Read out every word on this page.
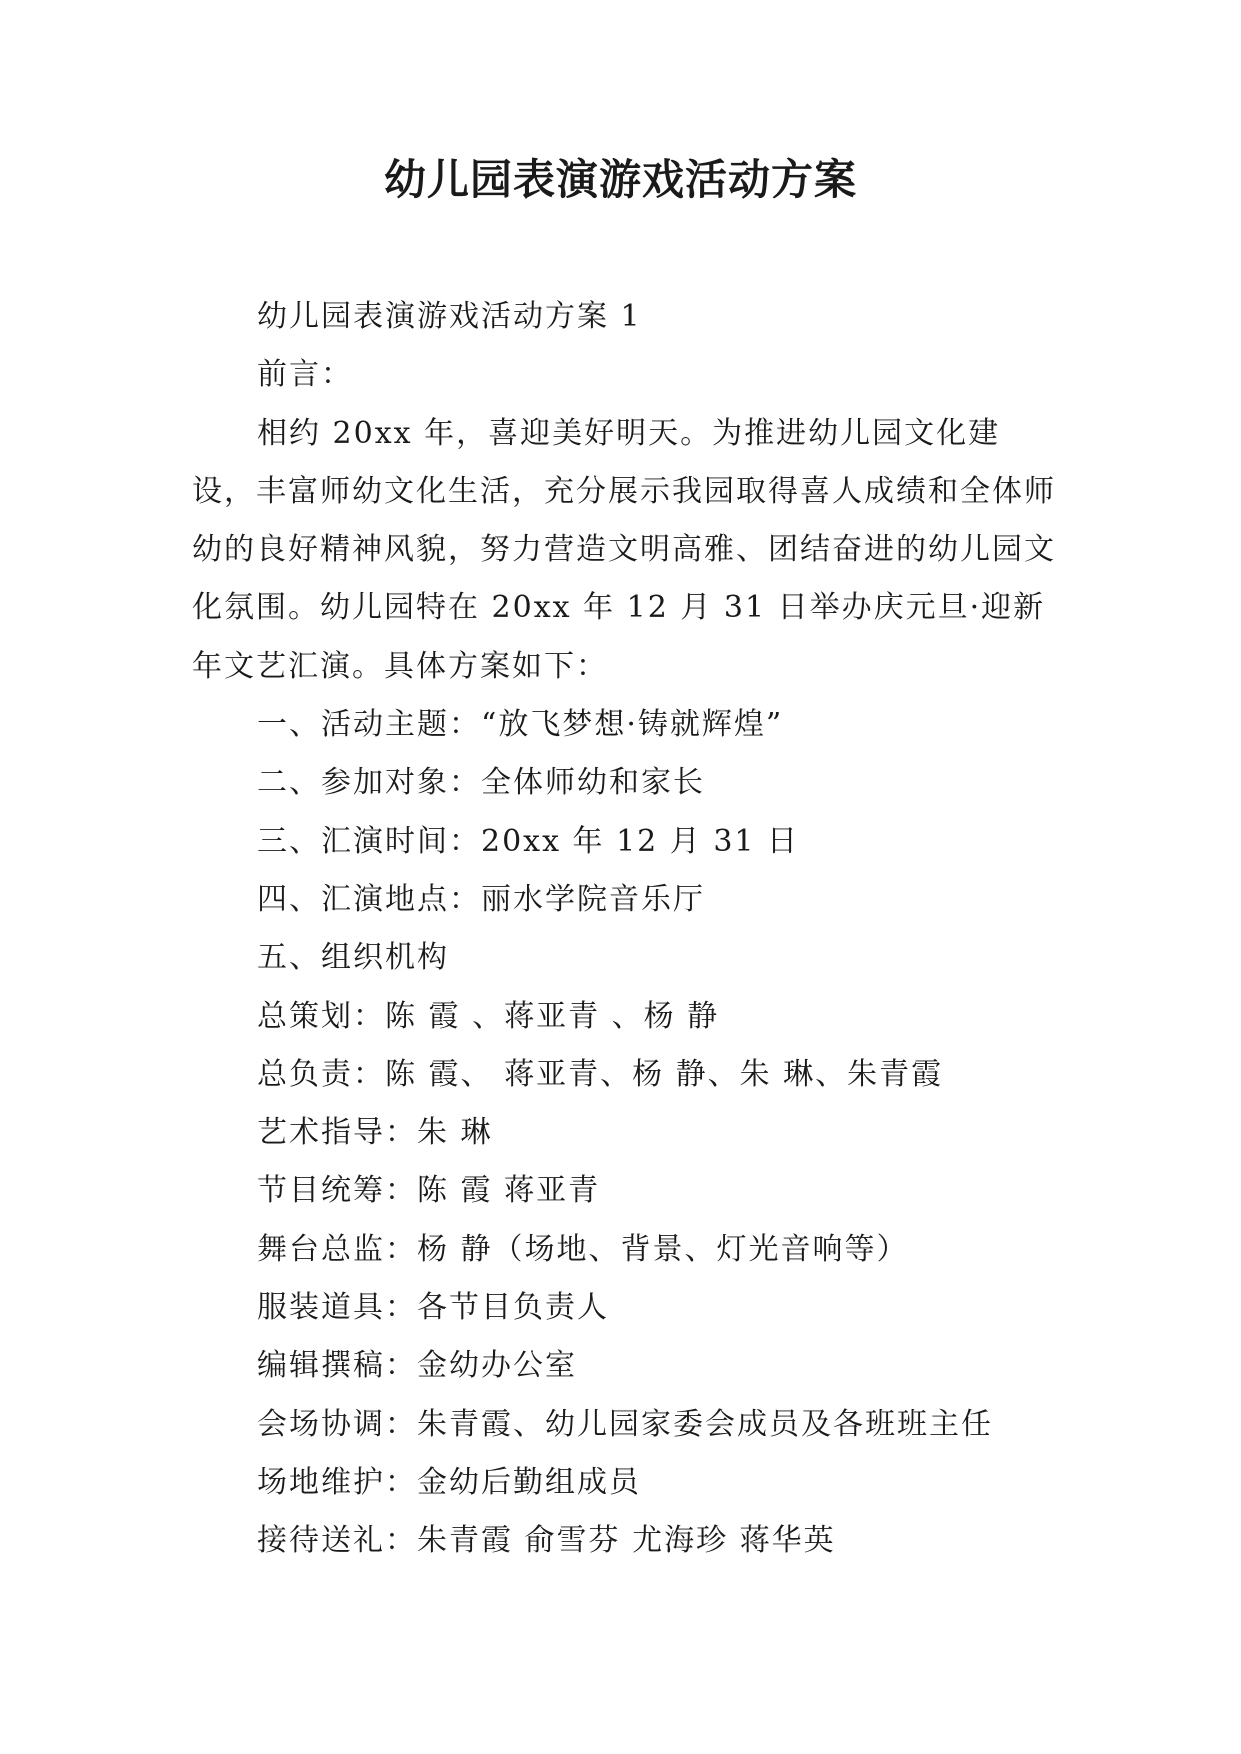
幼儿园表演游戏活动方案

幼儿园表演游戏活动方案 1

前言：

相约 20xx 年，喜迎美好明天。为推进幼儿园文化建设，丰富师幼文化生活，充分展示我园取得喜人成绩和全体师幼的良好精神风貌，努力营造文明高雅、团结奋进的幼儿园文化氛围。幼儿园特在 20xx 年 12 月 31 日举办庆元旦·迎新年文艺汇演。具体方案如下：

一、活动主题：“放飞梦想·铸就辉煌”

二、参加对象：全体师幼和家长

三、汇演时间：20xx 年 12 月 31 日

四、汇演地点：丽水学院音乐厅

五、组织机构

总策划：陈 霞 、蒋亚青 、杨 静

总负责：陈 霞、 蒋亚青、杨 静、朱 琳、朱青霞

艺术指导：朱 琳

节目统筹：陈 霞 蒋亚青

舞台总监：杨 静（场地、背景、灯光音响等）

服装道具：各节目负责人

编辑撰稿：金幼办公室

会场协调：朱青霞、幼儿园家委会成员及各班班主任

场地维护：金幼后勤组成员

接待送礼：朱青霞 俞雪芬 尤海珍 蒋华英
